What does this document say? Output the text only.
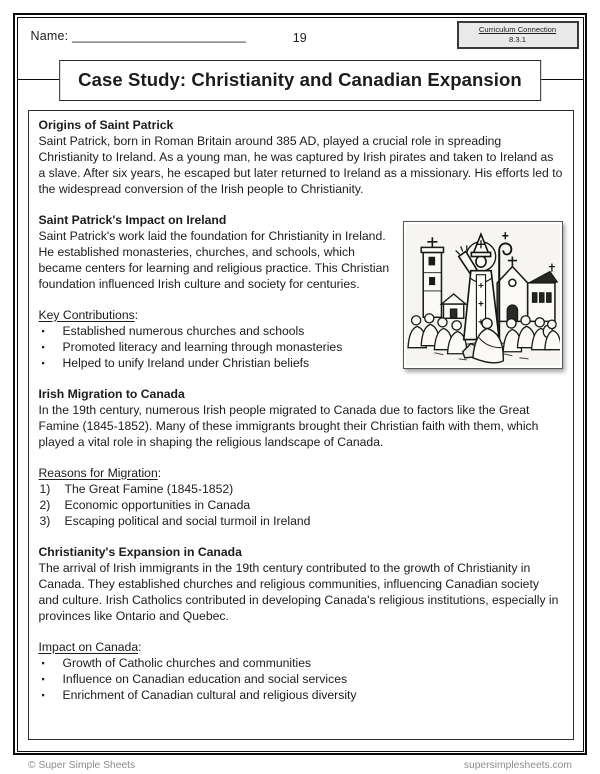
Name: _________________________	19
Curriculum Connection
8.3.1
Case Study: Christianity and Canadian Expansion
Origins of Saint Patrick

Saint Patrick, born in Roman Britain around 385 AD, played a crucial role in spreading Christianity to Ireland. As a young man, he was captured by Irish pirates and taken to Ireland as a slave. After six years, he escaped but later returned to Ireland as a missionary. His efforts led to the widespread conversion of the Irish people to Christianity.

Saint Patrick's Impact on Ireland

Saint Patrick's work laid the foundation for Christianity in Ireland. He established monasteries, churches, and schools, which became centers for learning and religious practice. This Christian foundation influenced Irish culture and society for centuries.

Key Contributions:
▪	Established numerous churches and schools
▪	Promoted literacy and learning through monasteries
▪	Helped to unify Ireland under Christian beliefs
Irish Migration to Canada

In the 19th century, numerous Irish people migrated to Canada due to factors like the Great Famine (1845-1852). Many of these immigrants brought their Christian faith with them, which played a vital role in shaping the religious landscape of Canada.

Reasons for Migration:
1)	The Great Famine (1845-1852)
2)	Economic opportunities in Canada
3)	Escaping political and social turmoil in Ireland
Christianity's Expansion in Canada

The arrival of Irish immigrants in the 19th century contributed to the growth of Christianity in Canada. They established churches and religious communities, influencing Canadian society and culture. Irish Catholics contributed in developing Canada's religious institutions, especially in provinces like Ontario and Quebec.

Impact on Canada:
▪	Growth of Catholic churches and communities
▪	Influence on Canadian education and social services
▪	Enrichment of Canadian cultural and religious diversity
© Super Simple Sheets	supersimplesheets.com
